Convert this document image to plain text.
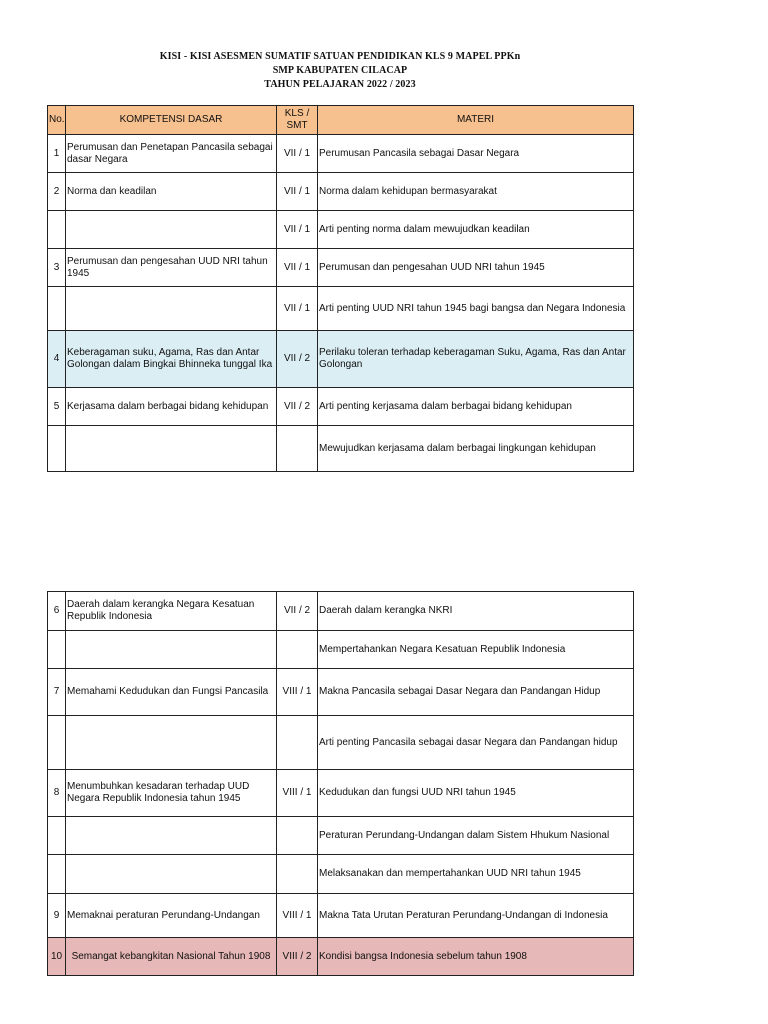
KISI - KISI ASESMEN SUMATIF SATUAN PENDIDIKAN KLS 9 MAPEL PPKn
SMP KABUPATEN CILACAP
TAHUN PELAJARAN 2022 / 2023
No.	KOMPETENSI DASAR	KLS / SMT	MATERI
1	Perumusan dan Penetapan Pancasila sebagai dasar Negara	VII / 1	Perumusan Pancasila sebagai Dasar Negara
2	Norma dan keadilan	VII / 1	Norma dalam kehidupan bermasyarakat
		VII / 1	Arti penting norma dalam mewujudkan keadilan
3	Perumusan dan pengesahan UUD NRI tahun 1945	VII / 1	Perumusan dan pengesahan UUD NRI tahun 1945
		VII / 1	Arti penting UUD NRI tahun 1945 bagi bangsa dan Negara Indonesia
4	Keberagaman suku, Agama, Ras dan Antar Golongan dalam Bingkai Bhinneka tunggal Ika	VII / 2	Perilaku toleran terhadap keberagaman Suku, Agama, Ras dan Antar Golongan
5	Kerjasama dalam berbagai bidang kehidupan	VII / 2	Arti penting kerjasama dalam berbagai bidang kehidupan
			Mewujudkan kerjasama dalam berbagai lingkungan kehidupan
6	Daerah dalam kerangka Negara Kesatuan Republik Indonesia	VII / 2	Daerah dalam kerangka NKRI
			Mempertahankan Negara Kesatuan Republik Indonesia
7	Memahami Kedudukan dan Fungsi Pancasila	VIII / 1	Makna Pancasila sebagai Dasar Negara dan Pandangan Hidup
			Arti penting Pancasila sebagai dasar Negara dan Pandangan hidup
8	Menumbuhkan kesadaran terhadap UUD Negara Republik Indonesia tahun 1945	VIII / 1	Kedudukan dan fungsi UUD NRI tahun 1945
			Peraturan Perundang-Undangan dalam Sistem Hhukum Nasional
			Melaksanakan dan mempertahankan UUD NRI tahun 1945
9	Memaknai peraturan Perundang-Undangan	VIII / 1	Makna Tata Urutan Peraturan Perundang-Undangan di Indonesia
10	Semangat kebangkitan Nasional Tahun 1908	VIII / 2	Kondisi bangsa Indonesia sebelum tahun 1908
